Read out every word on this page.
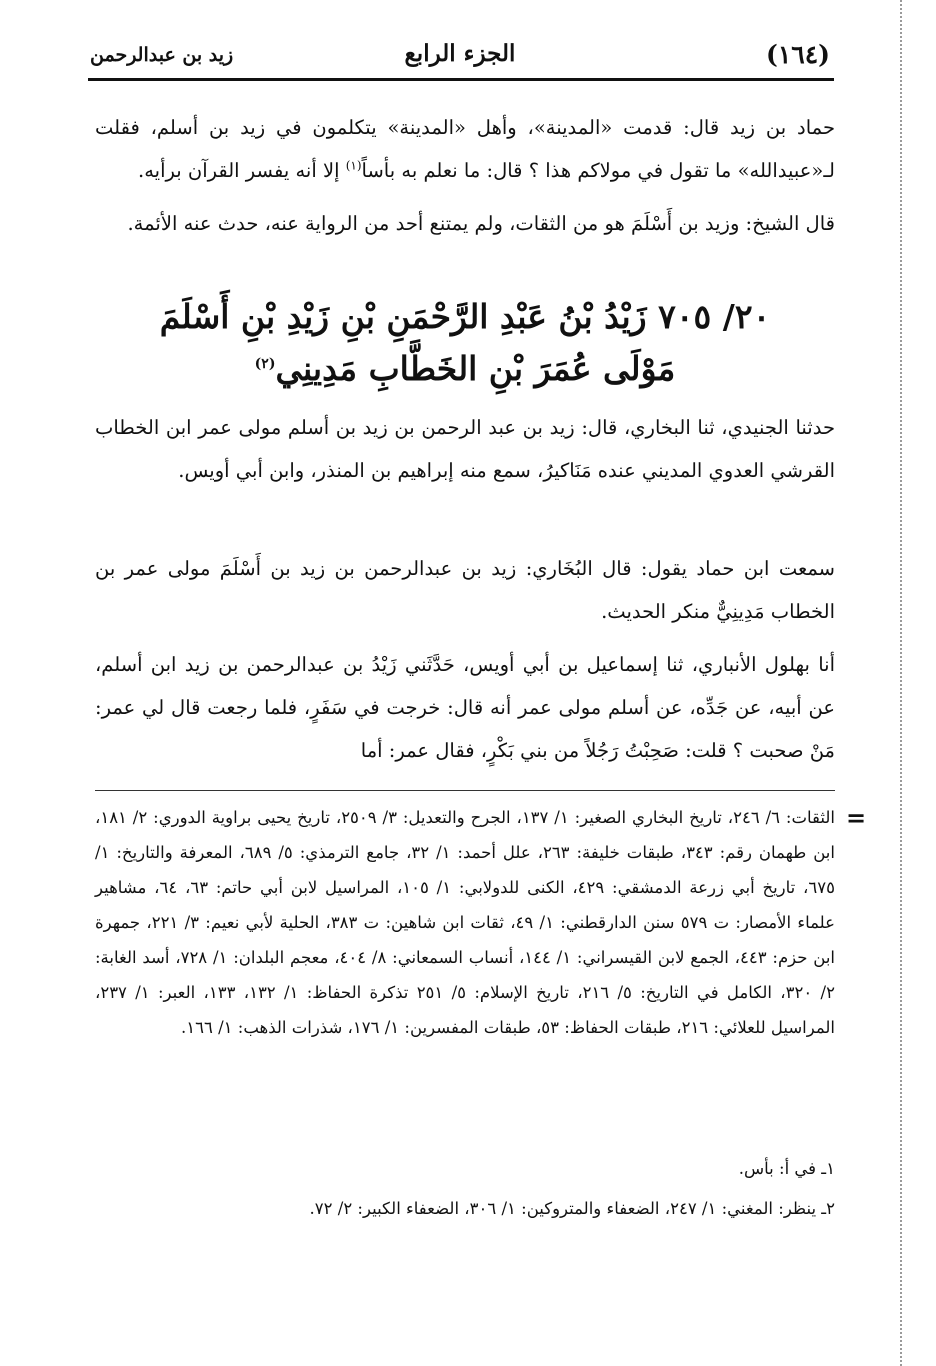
زيد بن عبدالرحمن	الجزء الرابع	(١٦٤)

حماد بن زيد قال: قدمت «المدينة»، وأهل «المدينة» يتكلمون في زيد بن أسلم، فقلت لـ«عبيدالله» ما تقول في مولاكم هذا ؟ قال: ما نعلم به بأساً$^{(١)}$ إلا أنه يفسر القرآن برأيه.

قال الشيخ: وزيد بن أَسْلَمَ هو من الثقات، ولم يمتنع أحد من الرواية عنه، حدث عنه الأئمة.

٢٠/ ٧٠٥ زَيْدُ بْنُ عَبْدِ الرَّحْمَنِ بْنِ زَيْدِ بْنِ أَسْلَمَ

مَوْلَى عُمَرَ بْنِ الخَطَّابِ مَدِينِي$^{(٢)}$

حدثنا الجنيدي، ثنا البخاري، قال: زيد بن عبد الرحمن بن زيد بن أسلم مولى عمر ابن الخطاب القرشي العدوي المديني عنده مَنَاكيرُ، سمع منه إبراهيم بن المنذر، وابن أبي أويس.

سمعت ابن حماد يقول: قال البُخَاري: زيد بن عبدالرحمن بن زيد بن أَسْلَمَ مولى عمر بن الخطاب مَدِينِيٌّ منكر الحديث.

أنا بهلول الأنباري، ثنا إسماعيل بن أبي أويس، حَدَّثَني زَيْدُ بن عبدالرحمن بن زيد ابن أسلم، عن أبيه، عن جَدِّه، عن أسلم مولى عمر أنه قال: خرجت في سَفَرٍ، فلما رجعت قال لي عمر: مَنْ صحبت ؟ قلت: صَحِبْتُ رَجُلاً من بني بَكْرٍ، فقال عمر: أما

=

الثقات: ٦/ ٢٤٦، تاريخ البخاري الصغير: ١/ ١٣٧، الجرح والتعديل: ٣/ ٢٥٠٩، تاريخ يحيى براوية الدوري: ٢/ ١٨١، ابن طهمان رقم: ٣٤٣، طبقات خليفة: ٢٦٣، علل أحمد: ١/ ٣٢، جامع الترمذي: ٥/ ٦٨٩، المعرفة والتاريخ: ١/ ٦٧٥، تاريخ أبي زرعة الدمشقي: ٤٢٩، الكنى للدولابي: ١/ ١٠٥، المراسيل لابن أبي حاتم: ٦٣، ٦٤، مشاهير علماء الأمصار: ت ٥٧٩ سنن الدارقطني: ١/ ٤٩، ثقات ابن شاهين: ت ٣٨٣، الحلية لأبي نعيم: ٣/ ٢٢١، جمهرة ابن حزم: ٤٤٣، الجمع لابن القيسراني: ١/ ١٤٤، أنساب السمعاني: ٨/ ٤٠٤، معجم البلدان: ١/ ٧٢٨، أسد الغابة: ٢/ ٣٢٠، الكامل في التاريخ: ٥/ ٢١٦، تاريخ الإسلام: ٥/ ٢٥١ تذكرة الحفاظ: ١/ ١٣٢، ١٣٣، العبر: ١/ ٢٣٧، المراسيل للعلائي: ٢١٦، طبقات الحفاظ: ٥٣، طبقات المفسرين: ١/ ١٧٦، شذرات الذهب: ١/ ١٦٦.

١ـ في أ: بأس.

٢ـ ينظر: المغني: ١/ ٢٤٧، الضعفاء والمتروكين: ١/ ٣٠٦، الضعفاء الكبير: ٢/ ٧٢.
